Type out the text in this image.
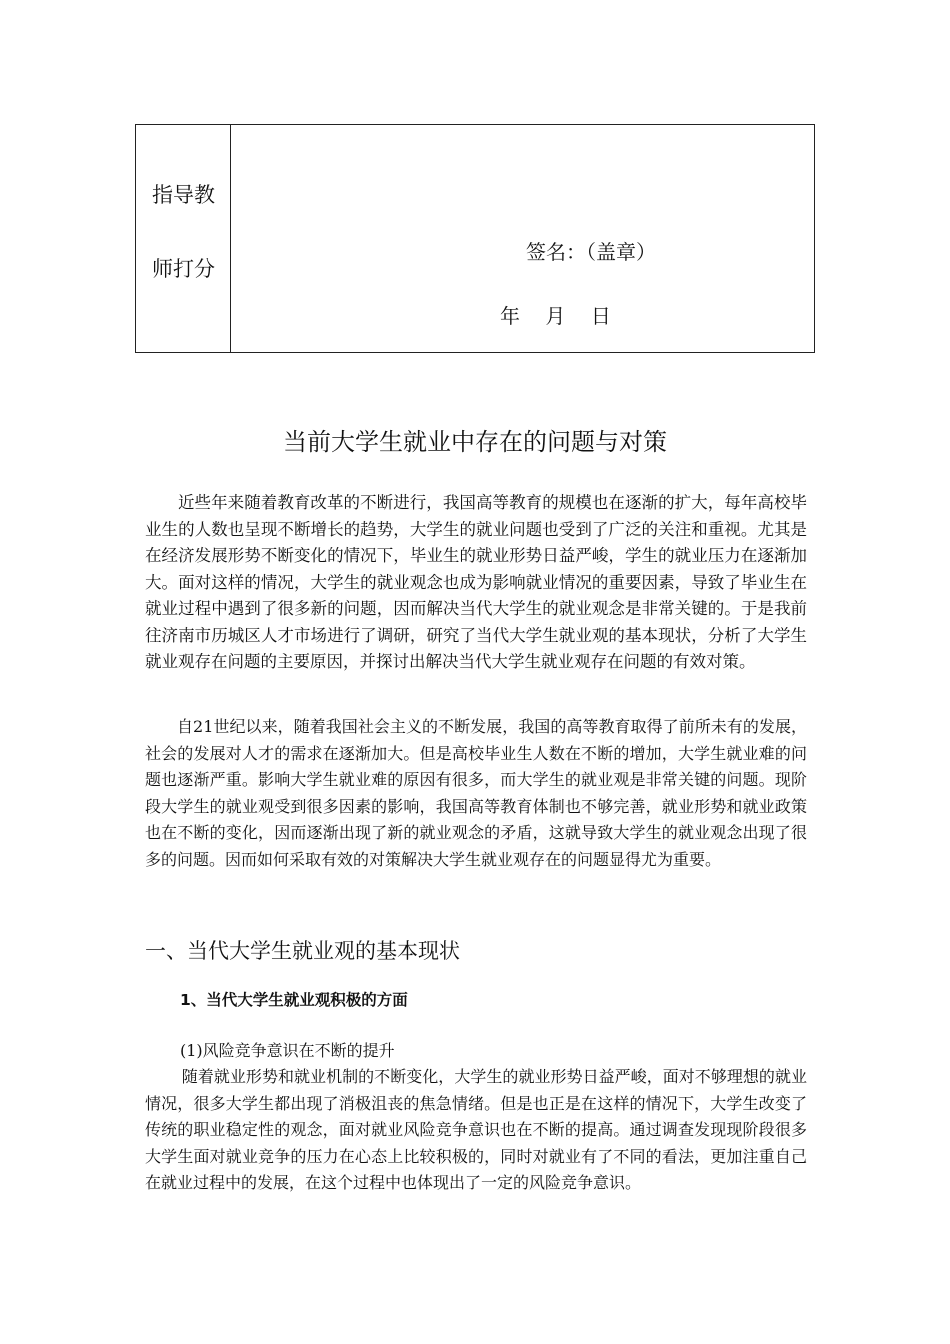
指导教
师打分
签名：（盖章）
年    月    日
当前大学生就业中存在的问题与对策

近些年来随着教育改革的不断进行，我国高等教育的规模也在逐渐的扩大，每年高校毕业生的人数也呈现不断增长的趋势，大学生的就业问题也受到了广泛的关注和重视。尤其是在经济发展形势不断变化的情况下，毕业生的就业形势日益严峻，学生的就业压力在逐渐加大。面对这样的情况，大学生的就业观念也成为影响就业情况的重要因素，导致了毕业生在就业过程中遇到了很多新的问题，因而解决当代大学生的就业观念是非常关键的。于是我前往济南市历城区人才市场进行了调研，研究了当代大学生就业观的基本现状，分析了大学生就业观存在问题的主要原因，并探讨出解决当代大学生就业观存在问题的有效对策。

自21世纪以来，随着我国社会主义的不断发展，我国的高等教育取得了前所未有的发展，社会的发展对人才的需求在逐渐加大。但是高校毕业生人数在不断的增加，大学生就业难的问题也逐渐严重。影响大学生就业难的原因有很多，而大学生的就业观是非常关键的问题。现阶段大学生的就业观受到很多因素的影响，我国高等教育体制也不够完善，就业形势和就业政策也在不断的变化，因而逐渐出现了新的就业观念的矛盾，这就导致大学生的就业观念出现了很多的问题。因而如何采取有效的对策解决大学生就业观存在的问题显得尤为重要。

一、当代大学生就业观的基本现状
1、当代大学生就业观积极的方面
(1)风险竞争意识在不断的提升

随着就业形势和就业机制的不断变化，大学生的就业形势日益严峻，面对不够理想的就业情况，很多大学生都出现了消极沮丧的焦急情绪。但是也正是在这样的情况下，大学生改变了传统的职业稳定性的观念，面对就业风险竞争意识也在不断的提高。通过调查发现现阶段很多大学生面对就业竞争的压力在心态上比较积极的，同时对就业有了不同的看法，更加注重自己在就业过程中的发展，在这个过程中也体现出了一定的风险竞争意识。
